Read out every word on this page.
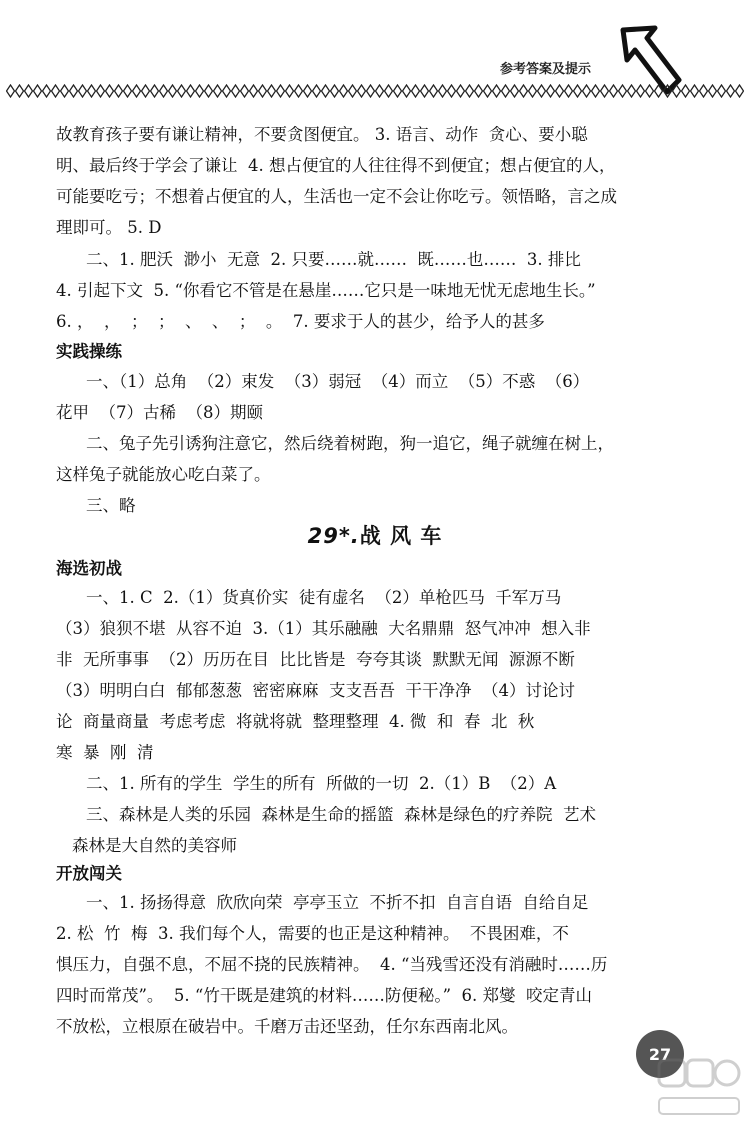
参考答案及提示
故教育孩子要有谦让精神，不要贪图便宜。 3. 语言、动作  贪心、要小聪
明、最后终于学会了谦让  4. 想占便宜的人往往得不到便宜；想占便宜的人，
可能要吃亏；不想着占便宜的人，生活也一定不会让你吃亏。领悟略，言之成
理即可。 5. D
二、1. 肥沃  渺小  无意  2. 只要……就……  既……也……  3. 排比
4. 引起下文  5. “你看它不管是在悬崖……它只是一味地无忧无虑地生长。”
6. ，  ，  ；  ；  、  、  ；  。  7. 要求于人的甚少，给予人的甚多
实践操练
一、（1）总角  （2）束发  （3）弱冠  （4）而立  （5）不惑  （6）
花甲  （7）古稀  （8）期颐
二、兔子先引诱狗注意它，然后绕着树跑，狗一追它，绳子就缠在树上，
这样兔子就能放心吃白菜了。
三、略
29*.战 风 车
海选初战
一、1. C  2.（1）货真价实  徒有虚名  （2）单枪匹马  千军万马
（3）狼狈不堪  从容不迫  3.（1）其乐融融  大名鼎鼎  怒气冲冲  想入非
非  无所事事  （2）历历在目  比比皆是  夸夸其谈  默默无闻  源源不断
（3）明明白白  郁郁葱葱  密密麻麻  支支吾吾  干干净净  （4）讨论讨
论  商量商量  考虑考虑  将就将就  整理整理  4. 微  和  春  北  秋
寒  暴  刚  清
二、1. 所有的学生  学生的所有  所做的一切  2.（1）B  （2）A
三、森林是人类的乐园  森林是生命的摇篮  森林是绿色的疗养院  艺术
森林是大自然的美容师
开放闯关
一、1. 扬扬得意  欣欣向荣  亭亭玉立  不折不扣  自言自语  自给自足
2. 松  竹  梅  3. 我们每个人，需要的也正是这种精神。  不畏困难，不
惧压力，自强不息，不屈不挠的民族精神。  4. “当残雪还没有消融时……历
四时而常茂”。  5. “竹干既是建筑的材料……防便秘。”  6. 郑燮  咬定青山
不放松，立根原在破岩中。千磨万击还坚劲，任尔东西南北风。
27
